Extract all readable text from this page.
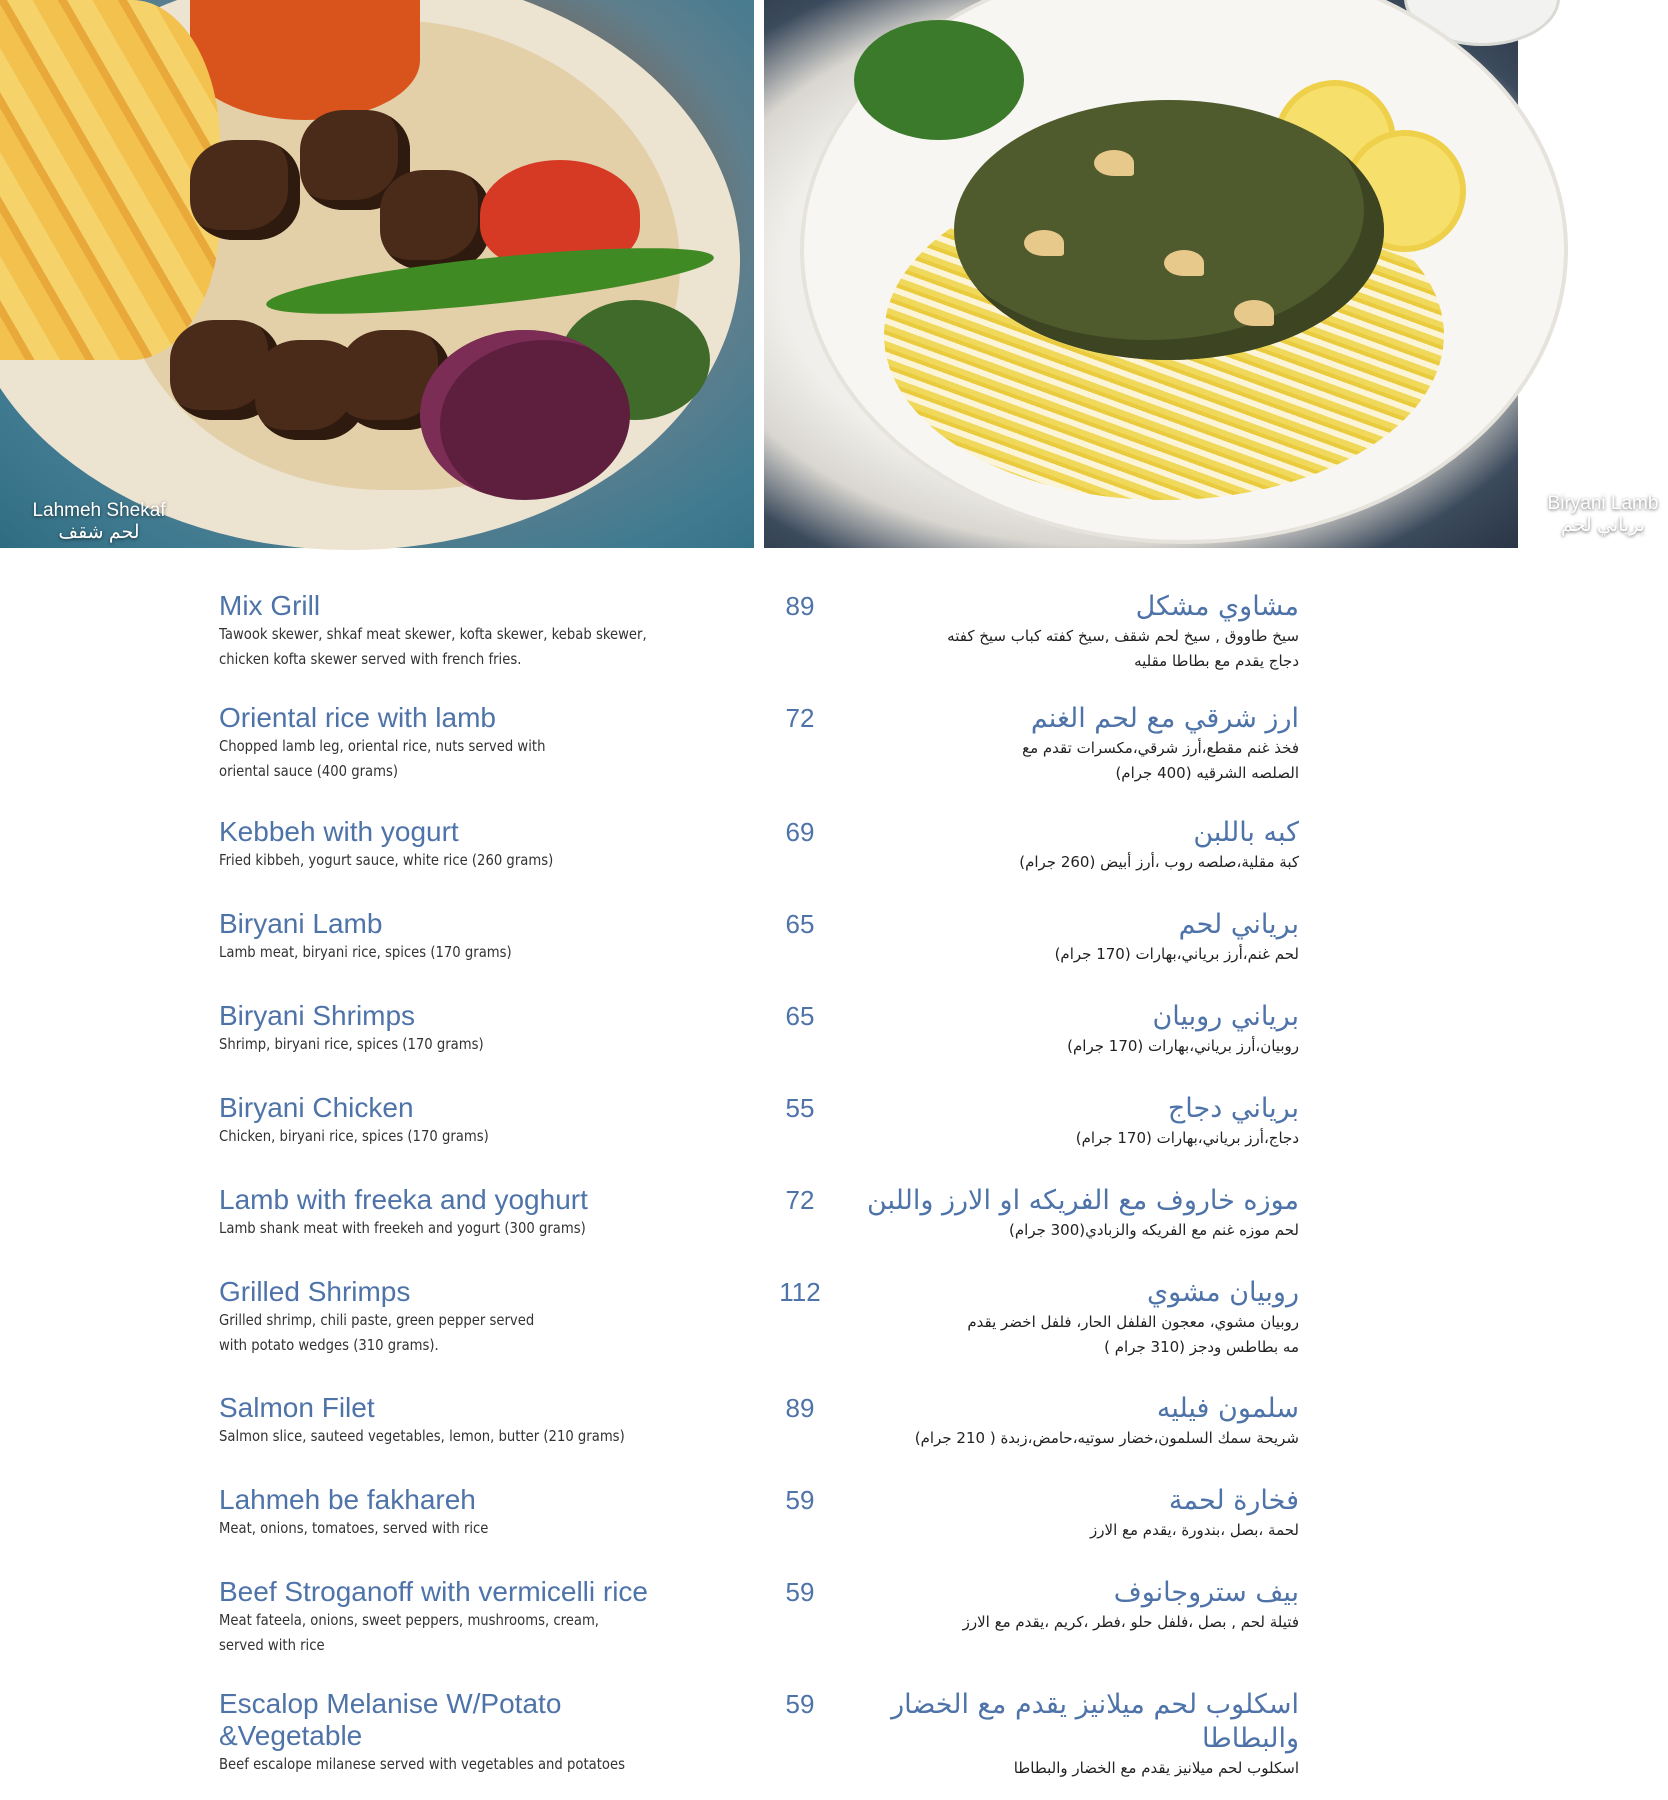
Lahmeh Shekaf
لحم شقف
Biryani Lamb
برياني لحم
Mix Grill
Tawook skewer, shkaf meat skewer, kofta skewer, kebab skewer,
chicken kofta skewer served with french fries.
89	مشاوي مشكل
سيخ طاووق , سيخ لحم شقف ,سيخ كفته كباب سيخ كفته
دجاج يقدم مع بطاطا مقليه
Oriental rice with lamb
Chopped lamb leg, oriental rice, nuts served with
oriental sauce (400 grams)
72	ارز شرقي مع لحم الغنم
فخذ غنم مقطع،أرز شرقي،مكسرات تقدم مع
الصلصه الشرقيه (400 جرام)
Kebbeh with yogurt
Fried kibbeh, yogurt sauce, white rice (260 grams)
69	كبه باللبن
كبة مقلية،صلصه روب ،أرز أبيض (260 جرام)
Biryani Lamb
Lamb meat, biryani rice, spices (170 grams)
65	برياني لحم
لحم غنم،أرز برياني،بهارات (170 جرام)
Biryani Shrimps
Shrimp, biryani rice, spices (170 grams)
65	برياني روبيان
روبيان،أرز برياني،بهارات (170 جرام)
Biryani Chicken
Chicken, biryani rice, spices (170 grams)
55	برياني دجاج
دجاج،أرز برياني،بهارات (170 جرام)
Lamb with freeka and yoghurt
Lamb shank meat with freekeh and yogurt (300 grams)
72	موزه خاروف مع الفريكه او الارز واللبن
لحم موزه غنم مع الفريكه والزبادي(300 جرام)
Grilled Shrimps
Grilled shrimp, chili paste, green pepper served
with potato wedges (310 grams).
112	روبيان مشوي
روبيان مشوي، معجون الفلفل الحار، فلفل اخضر يقدم
مه بطاطس ودجز (310 جرام )
Salmon Filet
Salmon slice, sauteed vegetables, lemon, butter (210 grams)
89	سلمون فيليه
شريحة سمك السلمون،خضار سوتيه،حامض،زبدة ( 210 جرام)
Lahmeh be fakhareh
Meat, onions, tomatoes, served with rice
59	فخارة لحمة
لحمة ،بصل ،بندورة ،يقدم مع الارز
Beef Stroganoff with vermicelli rice
Meat fateela, onions, sweet peppers, mushrooms, cream,
served with rice
59	بيف ستروجانوف
فتيلة لحم , بصل ،فلفل حلو ،فطر ،كريم ،يقدم مع الارز
Escalop Melanise W/Potato
&Vegetable
Beef escalope milanese served with vegetables and potatoes
59	اسكلوب لحم ميلانيز يقدم مع الخضار
والبطاطا
اسكلوب لحم ميلانيز يقدم مع الخضار والبطاطا
